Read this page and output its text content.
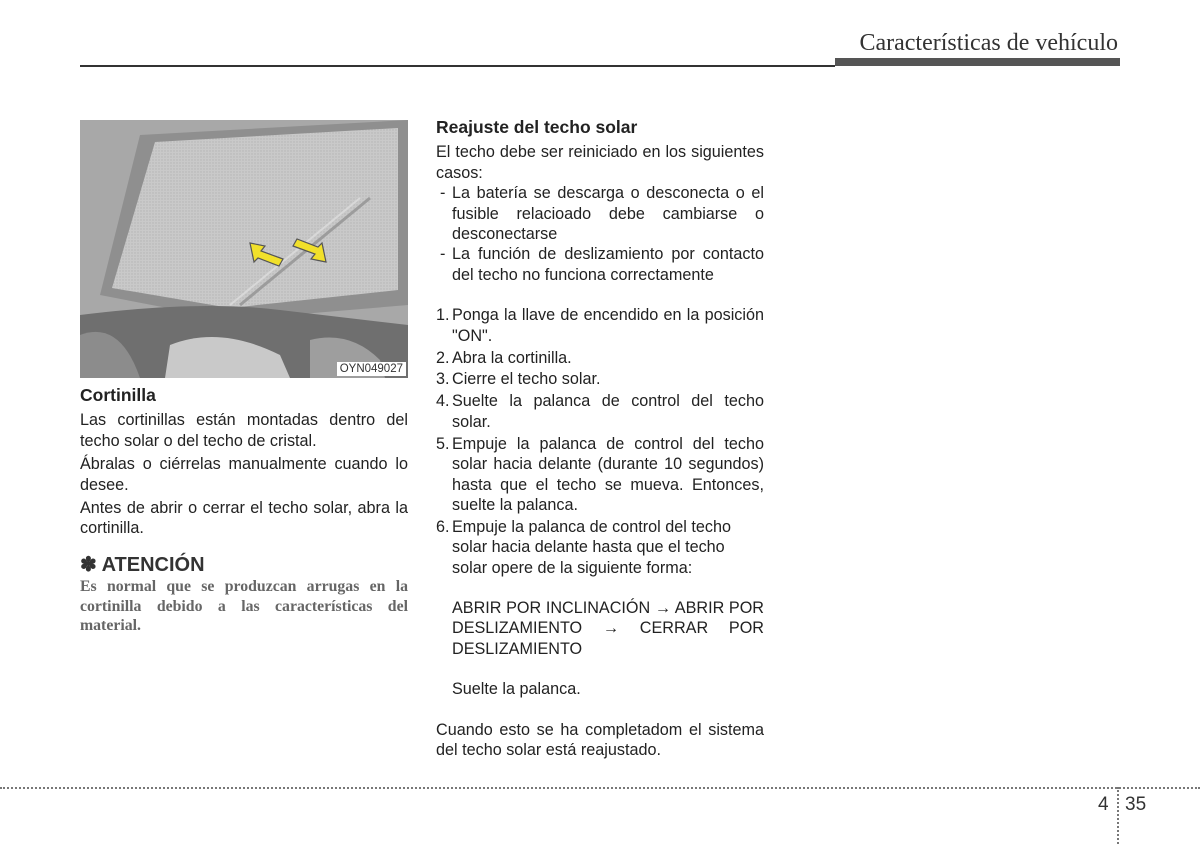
Características de vehículo
OYN049027
Cortinilla

Las cortinillas están montadas dentro del techo solar o del techo de cristal.

Ábralas o ciérrelas manualmente cuando lo desee.

Antes de abrir o cerrar el techo solar, abra la cortinilla.

✽ ATENCIÓN
Es normal que se produzcan arrugas en la cortinilla debido a las características del material.
Reajuste del techo solar

El techo debe ser reiniciado en los siguientes casos:

- La batería se descarga o desconecta o el fusible relacioado debe cambiarse o desconectarse
- La función de deslizamiento por contacto del techo no funciona correctamente
1. Ponga la llave de encendido en la posición "ON".
2. Abra la cortinilla.
3. Cierre el techo solar.
4. Suelte la palanca de control del techo solar.
5. Empuje la palanca de control del techo solar hacia delante (durante 10 segundos) hasta que el techo se mueva. Entonces, suelte la palanca.
6. Empuje la palanca de control del techo solar hacia delante hasta que el techo solar opere de la siguiente forma:

ABRIR POR INCLINACIÓN → ABRIR POR DESLIZAMIENTO → CERRAR POR DESLIZAMIENTO

Suelte la palanca.

Cuando esto se ha completadom el sistema del techo solar está reajustado.

4 35
